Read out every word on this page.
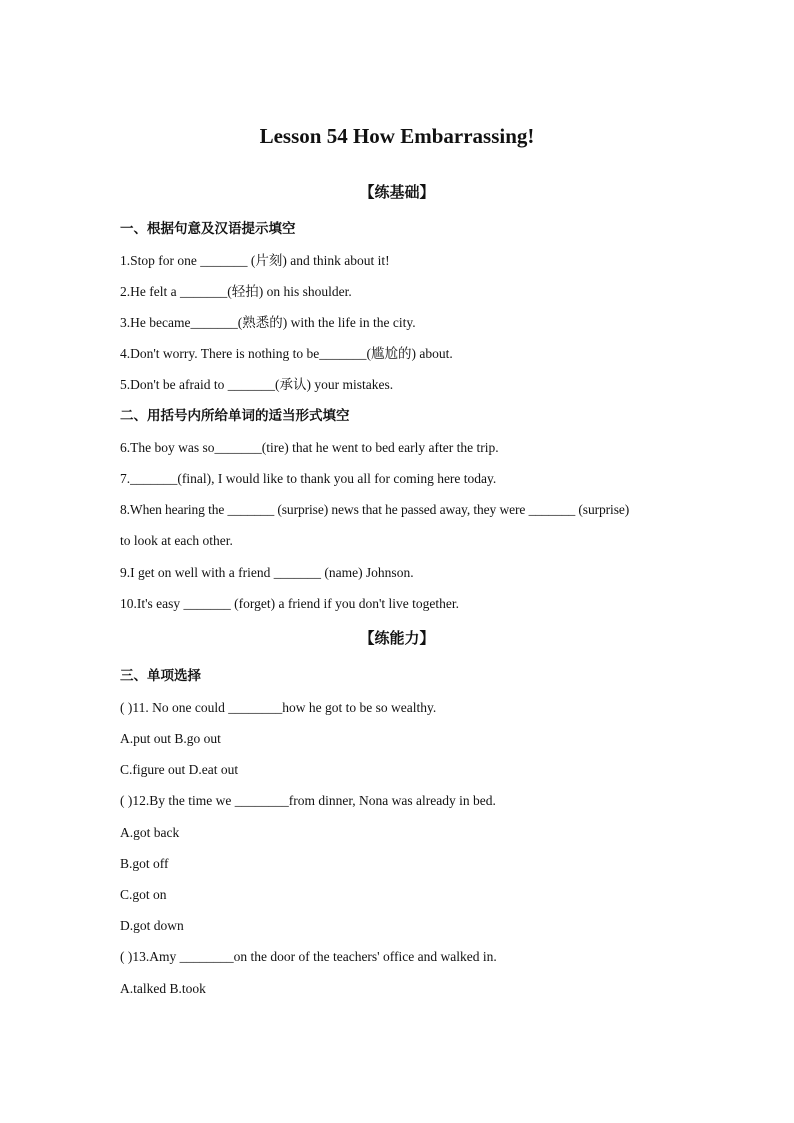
Lesson 54 How Embarrassing!
【练基础】
一、根据句意及汉语提示填空
1.Stop for one _______ (片刻) and think about it!
2.He felt a _______(轻拍) on his shoulder.
3.He became_______(熟悉的) with the life in the city.
4.Don't worry. There is nothing to be_______(尴尬的) about.
5.Don't be afraid to _______(承认) your mistakes.
二、用括号内所给单词的适当形式填空
6.The boy was so_______(tire) that he went to bed early after the trip.
7._______(final), I would like to thank you all for coming here today.
8.When hearing the _______ (surprise) news that he passed away, they were _______ (surprise)
to look at each other.
9.I get on well with a friend _______ (name) Johnson.
10.It's easy _______ (forget) a friend if you don't live together.
【练能力】
三、单项选择
( )11. No one could ________how he got to be so wealthy.
A.put out B.go out
C.figure out D.eat out
( )12.By the time we ________from dinner, Nona was already in bed.
A.got back
B.got off
C.got on
D.got down
( )13.Amy ________on the door of the teachers' office and walked in.
A.talked B.took
